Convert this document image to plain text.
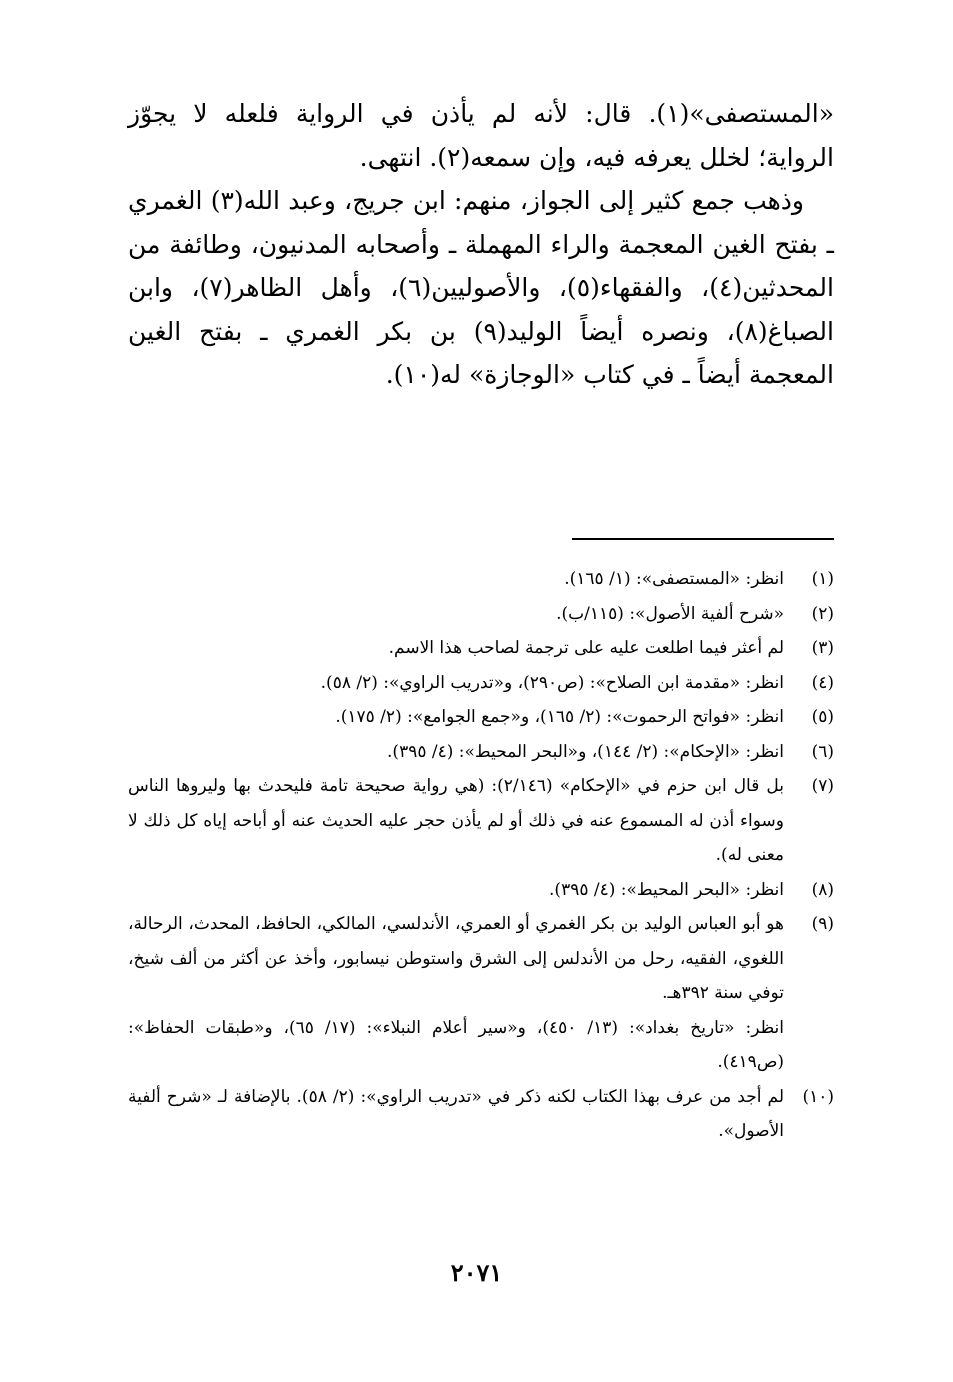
«المستصفى»(١). قال: لأنه لم يأذن في الرواية فلعله لا يجوّز الرواية؛ لخلل يعرفه فيه، وإن سمعه(٢). انتهى.

وذهب جمع كثير إلى الجواز، منهم: ابن جريج، وعبد الله(٣) الغمري ـ بفتح الغين المعجمة والراء المهملة ـ وأصحابه المدنيون، وطائفة من المحدثين(٤)، والفقهاء(٥)، والأصوليين(٦)، وأهل الظاهر(٧)، وابن الصباغ(٨)، ونصره أيضاً الوليد(٩) بن بكر الغمري ـ بفتح الغين المعجمة أيضاً ـ في كتاب «الوجازة» له(١٠).

(١)
انظر: «المستصفى»: (١/ ١٦٥).
(٢)
«شرح ألفية الأصول»: (١١٥/ب).
(٣)
لم أعثر فيما اطلعت عليه على ترجمة لصاحب هذا الاسم.
(٤)
انظر: «مقدمة ابن الصلاح»: (ص٢٩٠)، و«تدريب الراوي»: (٢/ ٥٨).
(٥)
انظر: «فواتح الرحموت»: (٢/ ١٦٥)، و«جمع الجوامع»: (٢/ ١٧٥).
(٦)
انظر: «الإحكام»: (٢/ ١٤٤)، و«البحر المحيط»: (٤/ ٣٩٥).
(٧)
بل قال ابن حزم في «الإحكام» (٢/١٤٦): (هي رواية صحيحة تامة فليحدث بها وليروها الناس وسواء أذن له المسموع عنه في ذلك أو لم يأذن حجر عليه الحديث عنه أو أباحه إياه كل ذلك لا معنى له).
(٨)
انظر: «البحر المحيط»: (٤/ ٣٩٥).
(٩)
هو أبو العباس الوليد بن بكر الغمري أو العمري، الأندلسي، المالكي، الحافظ، المحدث، الرحالة، اللغوي، الفقيه، رحل من الأندلس إلى الشرق واستوطن نيسابور، وأخذ عن أكثر من ألف شيخ، توفي سنة ٣٩٢هـ.
انظر: «تاريخ بغداد»: (١٣/ ٤٥٠)، و«سير أعلام النبلاء»: (١٧/ ٦٥)، و«طبقات الحفاظ»: (ص٤١٩).
(١٠)
لم أجد من عرف بهذا الكتاب لكنه ذكر في «تدريب الراوي»: (٢/ ٥٨). بالإضافة لـ «شرح ألفية الأصول».
٢٠٧١
